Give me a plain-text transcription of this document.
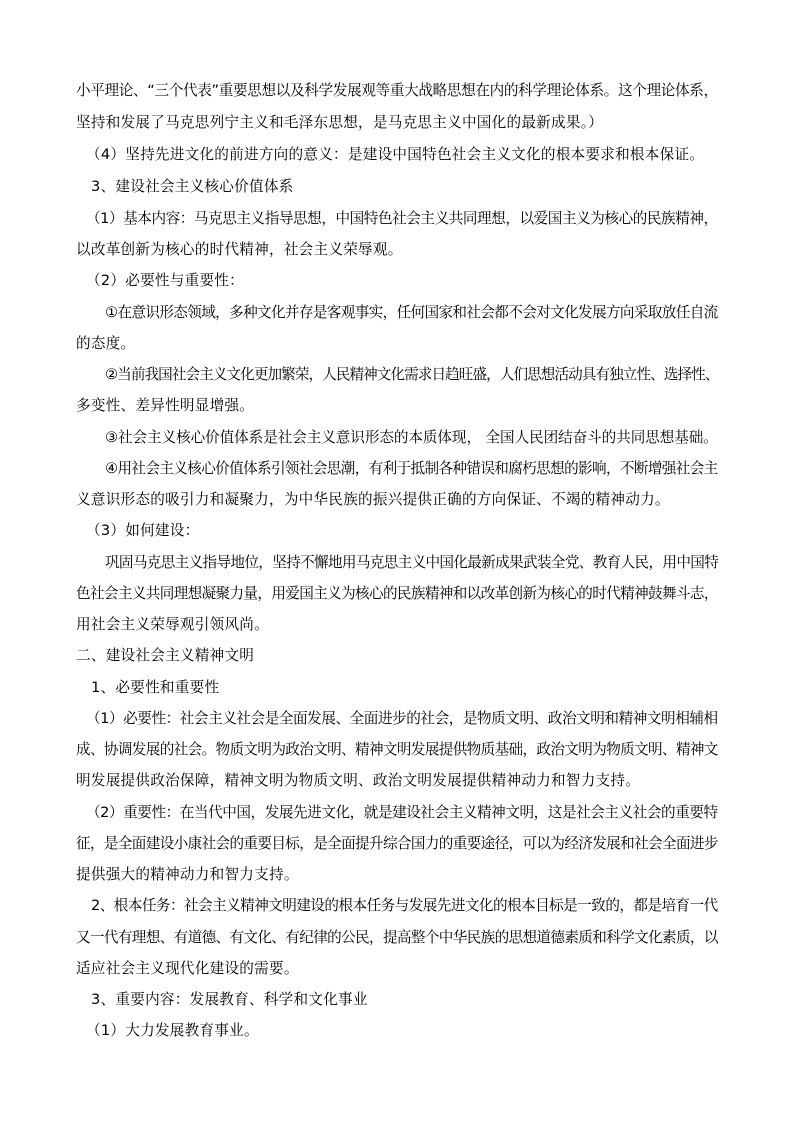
小平理论、“三个代表”重要思想以及科学发展观等重大战略思想在内的科学理论体系。这个理论体系，
坚持和发展了马克思列宁主义和毛泽东思想，是马克思主义中国化的最新成果。）
（4）坚持先进文化的前进方向的意义：是建设中国特色社会主义文化的根本要求和根本保证。
3、建设社会主义核心价值体系
（1）基本内容：马克思主义指导思想，中国特色社会主义共同理想，以爱国主义为核心的民族精神，
以改革创新为核心的时代精神，社会主义荣辱观。
（2）必要性与重要性：
①在意识形态领域，多种文化并存是客观事实，任何国家和社会都不会对文化发展方向采取放任自流
的态度。
②当前我国社会主义文化更加繁荣，人民精神文化需求日趋旺盛，人们思想活动具有独立性、选择性、
多变性、差异性明显增强。
③社会主义核心价值体系是社会主义意识形态的本质体现， 全国人民团结奋斗的共同思想基础。
④用社会主义核心价值体系引领社会思潮，有利于抵制各种错误和腐朽思想的影响，不断增强社会主
义意识形态的吸引力和凝聚力，为中华民族的振兴提供正确的方向保证、不竭的精神动力。
（3）如何建设：
巩固马克思主义指导地位，坚持不懈地用马克思主义中国化最新成果武装全党、教育人民，用中国特
色社会主义共同理想凝聚力量，用爱国主义为核心的民族精神和以改革创新为核心的时代精神鼓舞斗志，
用社会主义荣辱观引领风尚。
二、建设社会主义精神文明
1、必要性和重要性
（1）必要性：社会主义社会是全面发展、全面进步的社会，是物质文明、政治文明和精神文明相辅相
成、协调发展的社会。物质文明为政治文明、精神文明发展提供物质基础，政治文明为物质文明、精神文
明发展提供政治保障，精神文明为物质文明、政治文明发展提供精神动力和智力支持。
（2）重要性：在当代中国，发展先进文化，就是建设社会主义精神文明，这是社会主义社会的重要特
征，是全面建设小康社会的重要目标，是全面提升综合国力的重要途径，可以为经济发展和社会全面进步
提供强大的精神动力和智力支持。
2、根本任务：社会主义精神文明建设的根本任务与发展先进文化的根本目标是一致的，都是培育一代
又一代有理想、有道德、有文化、有纪律的公民，提高整个中华民族的思想道德素质和科学文化素质，以
适应社会主义现代化建设的需要。
3、重要内容：发展教育、科学和文化事业
（1）大力发展教育事业。
